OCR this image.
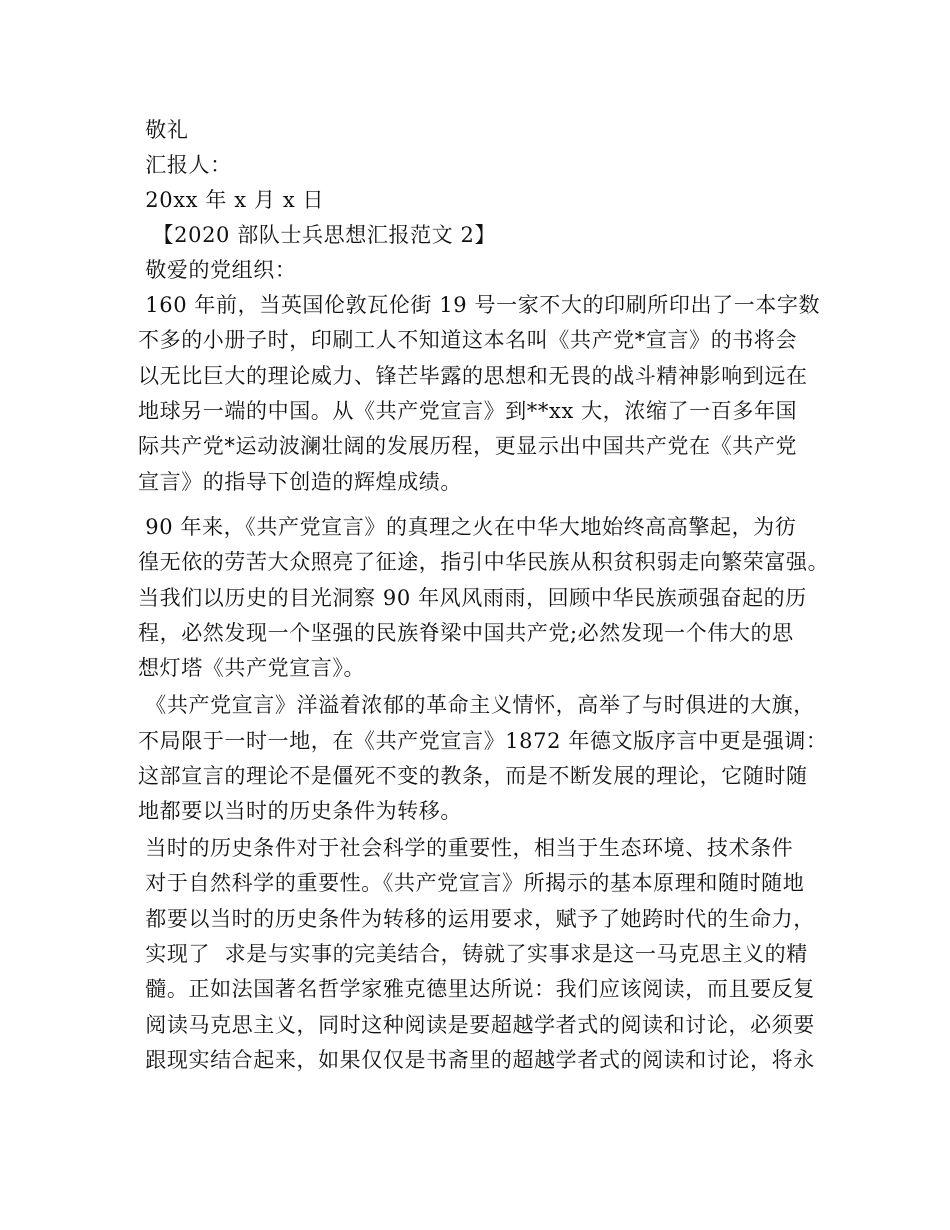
敬礼
汇报人：
20xx 年 x 月 x 日
【2020 部队士兵思想汇报范文 2】
敬爱的党组织：
160 年前，当英国伦敦瓦伦街 19 号一家不大的印刷所印出了一本字数
不多的小册子时，印刷工人不知道这本名叫《共产党*宣言》的书将会
以无比巨大的理论威力、锋芒毕露的思想和无畏的战斗精神影响到远在
地球另一端的中国。从《共产党宣言》到**xx 大，浓缩了一百多年国
际共产党*运动波澜壮阔的发展历程，更显示出中国共产党在《共产党
宣言》的指导下创造的辉煌成绩。
90 年来，《共产党宣言》的真理之火在中华大地始终高高擎起，为彷
徨无依的劳苦大众照亮了征途，指引中华民族从积贫积弱走向繁荣富强。
当我们以历史的目光洞察 90 年风风雨雨，回顾中华民族顽强奋起的历
程，必然发现一个坚强的民族脊梁中国共产党;必然发现一个伟大的思
想灯塔《共产党宣言》。
《共产党宣言》洋溢着浓郁的革命主义情怀，高举了与时俱进的大旗，
不局限于一时一地，在《共产党宣言》1872 年德文版序言中更是强调：
这部宣言的理论不是僵死不变的教条，而是不断发展的理论，它随时随
地都要以当时的历史条件为转移。
当时的历史条件对于社会科学的重要性，相当于生态环境、技术条件
对于自然科学的重要性。《共产党宣言》所揭示的基本原理和随时随地
都要以当时的历史条件为转移的运用要求，赋予了她跨时代的生命力，
实现了  求是与实事的完美结合，铸就了实事求是这一马克思主义的精
髓。正如法国著名哲学家雅克德里达所说：我们应该阅读，而且要反复
阅读马克思主义，同时这种阅读是要超越学者式的阅读和讨论，必须要
跟现实结合起来，如果仅仅是书斋里的超越学者式的阅读和讨论，将永
